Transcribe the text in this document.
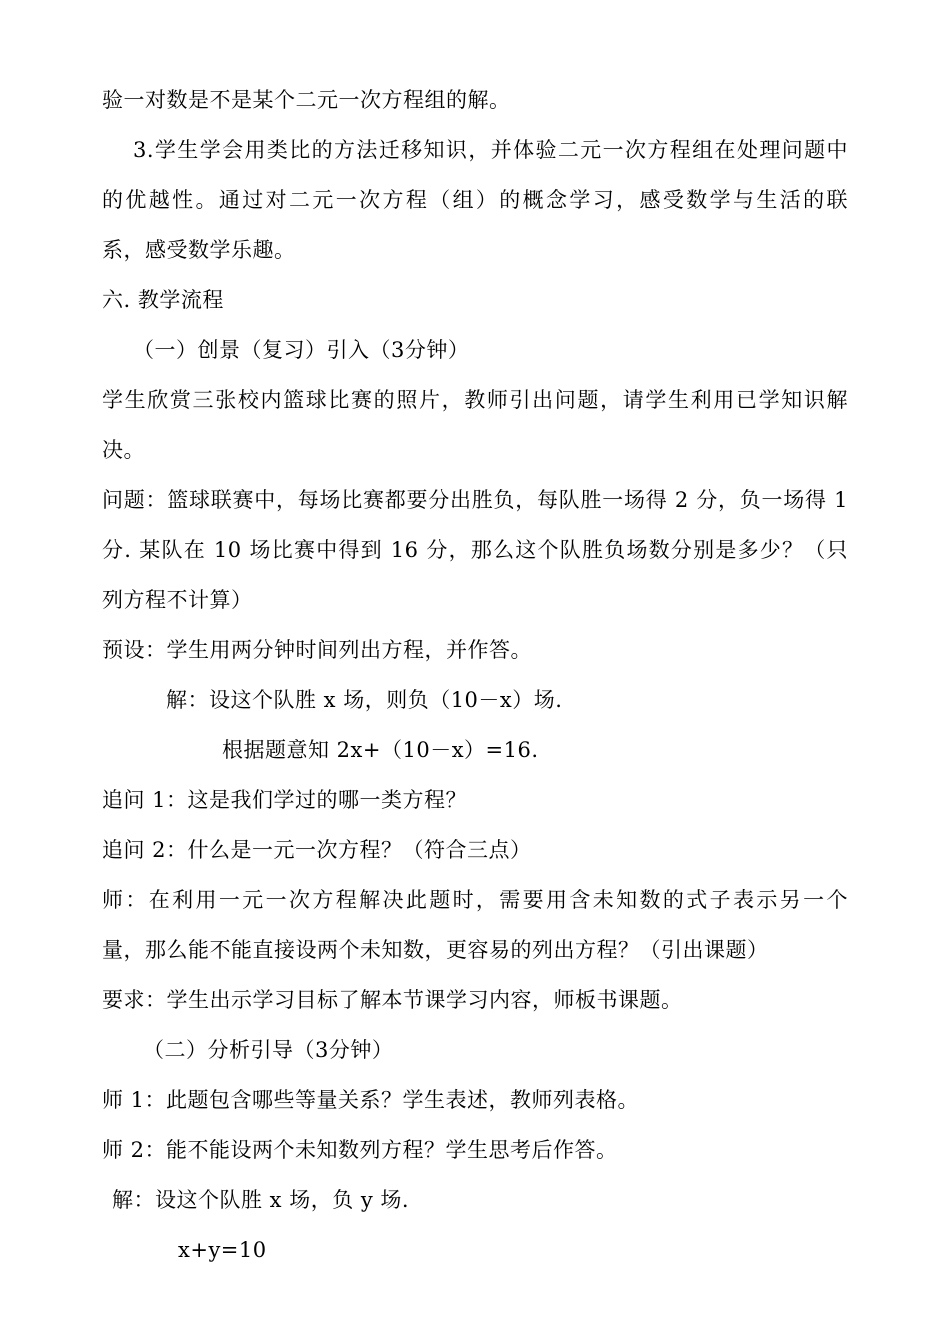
验一对数是不是某个二元一次方程组的解。
3.学生学会用类比的方法迁移知识，并体验二元一次方程组在处理问题中
的优越性。通过对二元一次方程（组）的概念学习，感受数学与生活的联
系，感受数学乐趣。
六. 教学流程
（一）创景（复习）引入（3分钟）
学生欣赏三张校内篮球比赛的照片，教师引出问题，请学生利用已学知识解
决。
问题：篮球联赛中，每场比赛都要分出胜负，每队胜一场得 2 分，负一场得 1
分. 某队在 10 场比赛中得到 16 分，那么这个队胜负场数分别是多少？（只
列方程不计算）
预设：学生用两分钟时间列出方程，并作答。
解：设这个队胜 x 场，则负（10－x）场.
根据题意知 2x+（10－x）=16.
追问 1：这是我们学过的哪一类方程？
追问 2：什么是一元一次方程？（符合三点）
师：在利用一元一次方程解决此题时，需要用含未知数的式子表示另一个
量，那么能不能直接设两个未知数，更容易的列出方程？（引出课题）
要求：学生出示学习目标了解本节课学习内容，师板书课题。
（二）分析引导（3分钟）
师 1：此题包含哪些等量关系？学生表述，教师列表格。
师 2：能不能设两个未知数列方程？学生思考后作答。
解：设这个队胜 x 场，负 y 场.
x+y=10
